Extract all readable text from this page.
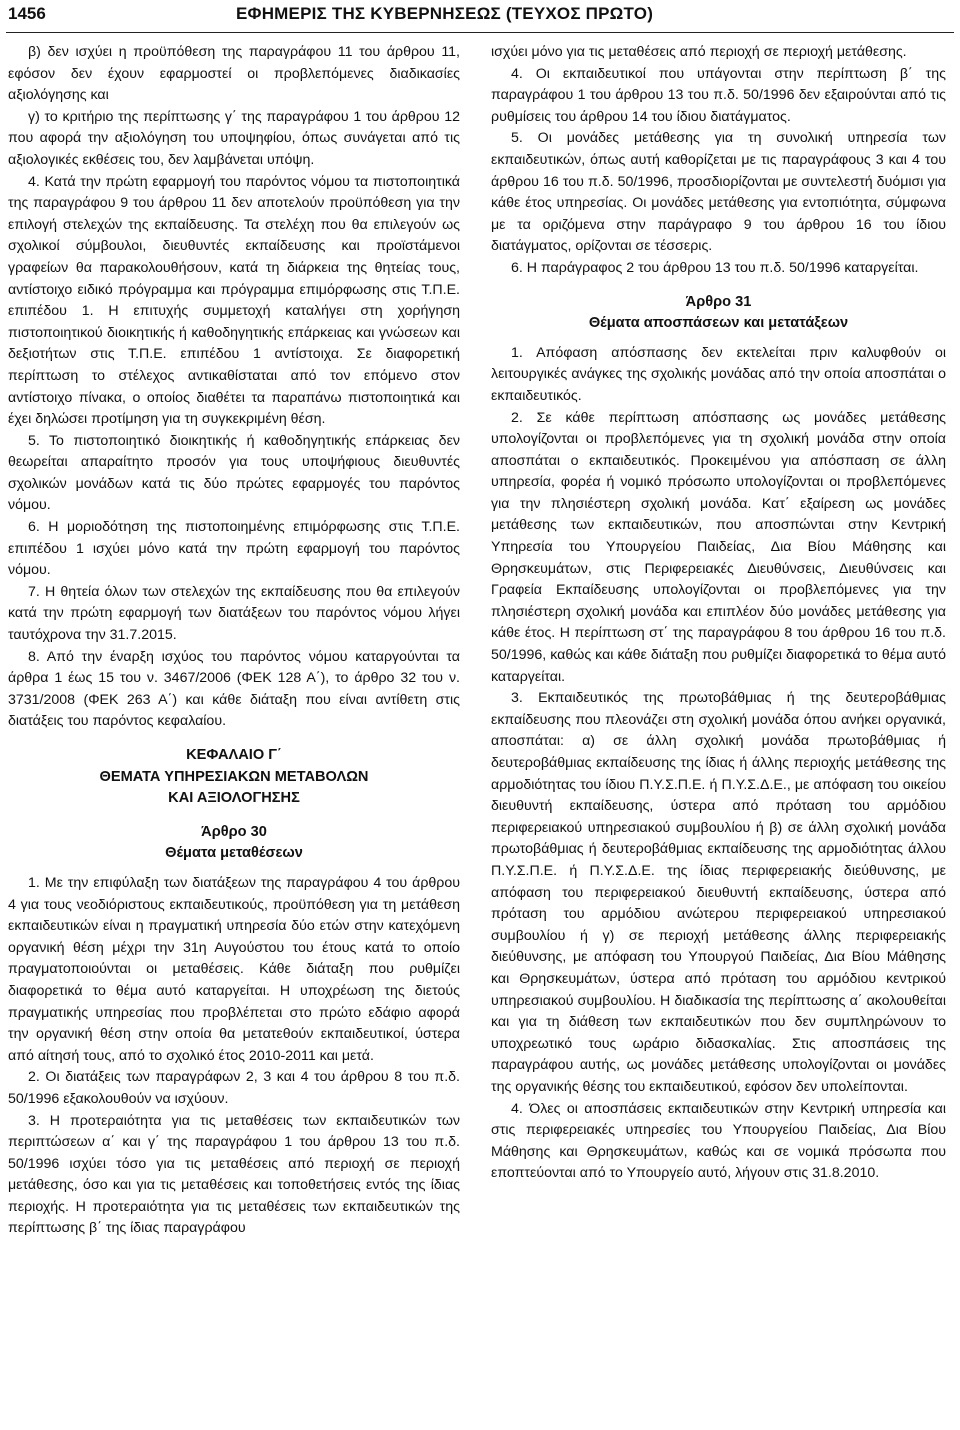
1456	ΕΦΗΜΕΡΙΣ ΤΗΣ ΚΥΒΕΡΝΗΣΕΩΣ (ΤΕΥΧΟΣ ΠΡΩΤΟ)

β) δεν ισχύει η προϋπόθεση της παραγράφου 11 του άρθρου 11, εφόσον δεν έχουν εφαρμοστεί οι προβλεπόμενες διαδικασίες αξιολόγησης και

γ) το κριτήριο της περίπτωσης γ΄ της παραγράφου 1 του άρθρου 12 που αφορά την αξιολόγηση του υποψηφίου, όπως συνάγεται από τις αξιολογικές εκθέσεις του, δεν λαμβάνεται υπόψη.

4. Κατά την πρώτη εφαρμογή του παρόντος νόμου τα πιστοποιητικά της παραγράφου 9 του άρθρου 11 δεν αποτελούν προϋπόθεση για την επιλογή στελεχών της εκπαίδευσης. Τα στελέχη που θα επιλεγούν ως σχολικοί σύμβουλοι, διευθυντές εκπαίδευσης και προϊστάμενοι γραφείων θα παρακολουθήσουν, κατά τη διάρκεια της θητείας τους, αντίστοιχο ειδικό πρόγραμμα και πρόγραμμα επιμόρφωσης στις Τ.Π.Ε. επιπέδου 1. Η επιτυχής συμμετοχή καταλήγει στη χορήγηση πιστοποιητικού διοικητικής ή καθοδηγητικής επάρκειας και γνώσεων και δεξιοτήτων στις Τ.Π.Ε. επιπέδου 1 αντίστοιχα. Σε διαφορετική περίπτωση το στέλεχος αντικαθίσταται από τον επόμενο στον αντίστοιχο πίνακα, ο οποίος διαθέτει τα παραπάνω πιστοποιητικά και έχει δηλώσει προτίμηση για τη συγκεκριμένη θέση.

5. Το πιστοποιητικό διοικητικής ή καθοδηγητικής επάρκειας δεν θεωρείται απαραίτητο προσόν για τους υποψήφιους διευθυντές σχολικών μονάδων κατά τις δύο πρώτες εφαρμογές του παρόντος νόμου.

6. Η μοριοδότηση της πιστοποιημένης επιμόρφωσης στις Τ.Π.Ε. επιπέδου 1 ισχύει μόνο κατά την πρώτη εφαρμογή του παρόντος νόμου.

7. Η θητεία όλων των στελεχών της εκπαίδευσης που θα επιλεγούν κατά την πρώτη εφαρμογή των διατάξεων του παρόντος νόμου λήγει ταυτόχρονα την 31.7.2015.

8. Από την έναρξη ισχύος του παρόντος νόμου καταργούνται τα άρθρα 1 έως 15 του ν. 3467/2006 (ΦΕΚ 128 Α΄), το άρθρο 32 του ν. 3731/2008 (ΦΕΚ 263 Α΄) και κάθε διάταξη που είναι αντίθετη στις διατάξεις του παρόντος κεφαλαίου.

ΚΕΦΑΛΑΙΟ Γ΄

ΘΕΜΑΤΑ ΥΠΗΡΕΣΙΑΚΩΝ ΜΕΤΑΒΟΛΩΝ

ΚΑΙ ΑΞΙΟΛΟΓΗΣΗΣ

Άρθρο 30

Θέματα μεταθέσεων

1. Με την επιφύλαξη των διατάξεων της παραγράφου 4 του άρθρου 4 για τους νεοδιόριστους εκπαιδευτικούς, προϋπόθεση για τη μετάθεση εκπαιδευτικών είναι η πραγματική υπηρεσία δύο ετών στην κατεχόμενη οργανική θέση μέχρι την 31η Αυγούστου του έτους κατά το οποίο πραγματοποιούνται οι μεταθέσεις. Κάθε διάταξη που ρυθμίζει διαφορετικά το θέμα αυτό καταργείται. Η υποχρέωση της διετούς πραγματικής υπηρεσίας που προβλέπεται στο πρώτο εδάφιο αφορά την οργανική θέση στην οποία θα μετατεθούν εκπαιδευτικοί, ύστερα από αίτησή τους, από το σχολικό έτος 2010-2011 και μετά.

2. Οι διατάξεις των παραγράφων 2, 3 και 4 του άρθρου 8 του π.δ. 50/1996 εξακολουθούν να ισχύουν.

3. Η προτεραιότητα για τις μεταθέσεις των εκπαιδευτικών των περιπτώσεων α΄ και γ΄ της παραγράφου 1 του άρθρου 13 του π.δ. 50/1996 ισχύει τόσο για τις μεταθέσεις από περιοχή σε περιοχή μετάθεσης, όσο και για τις μεταθέσεις και τοποθετήσεις εντός της ίδιας περιοχής. Η προτεραιότητα για τις μεταθέσεις των εκπαιδευτικών της περίπτωσης β΄ της ίδιας παραγράφου

ισχύει μόνο για τις μεταθέσεις από περιοχή σε περιοχή μετάθεσης.

4. Οι εκπαιδευτικοί που υπάγονται στην περίπτωση β΄ της παραγράφου 1 του άρθρου 13 του π.δ. 50/1996 δεν εξαιρούνται από τις ρυθμίσεις του άρθρου 14 του ίδιου διατάγματος.

5. Οι μονάδες μετάθεσης για τη συνολική υπηρεσία των εκπαιδευτικών, όπως αυτή καθορίζεται με τις παραγράφους 3 και 4 του άρθρου 16 του π.δ. 50/1996, προσδιορίζονται με συντελεστή δυόμισι για κάθε έτος υπηρεσίας. Οι μονάδες μετάθεσης για εντοπιότητα, σύμφωνα με τα οριζόμενα στην παράγραφο 9 του άρθρου 16 του ίδιου διατάγματος, ορίζονται σε τέσσερις.

6. Η παράγραφος 2 του άρθρου 13 του π.δ. 50/1996 καταργείται.

Άρθρο 31

Θέματα αποσπάσεων και μετατάξεων

1. Απόφαση απόσπασης δεν εκτελείται πριν καλυφθούν οι λειτουργικές ανάγκες της σχολικής μονάδας από την οποία αποσπάται ο εκπαιδευτικός.

2. Σε κάθε περίπτωση απόσπασης ως μονάδες μετάθεσης υπολογίζονται οι προβλεπόμενες για τη σχολική μονάδα στην οποία αποσπάται ο εκπαιδευτικός. Προκειμένου για απόσπαση σε άλλη υπηρεσία, φορέα ή νομικό πρόσωπο υπολογίζονται οι προβλεπόμενες για την πλησιέστερη σχολική μονάδα. Κατ΄ εξαίρεση ως μονάδες μετάθεσης των εκπαιδευτικών, που αποσπώνται στην Κεντρική Υπηρεσία του Υπουργείου Παιδείας, Δια Βίου Μάθησης και Θρησκευμάτων, στις Περιφερειακές Διευθύνσεις, Διευθύνσεις και Γραφεία Εκπαίδευσης υπολογίζονται οι προβλεπόμενες για την πλησιέστερη σχολική μονάδα και επιπλέον δύο μονάδες μετάθεσης για κάθε έτος. Η περίπτωση στ΄ της παραγράφου 8 του άρθρου 16 του π.δ. 50/1996, καθώς και κάθε διάταξη που ρυθμίζει διαφορετικά το θέμα αυτό καταργείται.

3. Εκπαιδευτικός της πρωτοβάθμιας ή της δευτεροβάθμιας εκπαίδευσης που πλεονάζει στη σχολική μονάδα όπου ανήκει οργανικά, αποσπάται: α) σε άλλη σχολική μονάδα πρωτοβάθμιας ή δευτεροβάθμιας εκπαίδευσης της ίδιας ή άλλης περιοχής μετάθεσης της αρμοδιότητας του ίδιου Π.Υ.Σ.Π.Ε. ή Π.Υ.Σ.Δ.Ε., με απόφαση του οικείου διευθυντή εκπαίδευσης, ύστερα από πρόταση του αρμόδιου περιφερειακού υπηρεσιακού συμβουλίου ή β) σε άλλη σχολική μονάδα πρωτοβάθμιας ή δευτεροβάθμιας εκπαίδευσης της αρμοδιότητας άλλου Π.Υ.Σ.Π.Ε. ή Π.Υ.Σ.Δ.Ε. της ίδιας περιφερειακής διεύθυνσης, με απόφαση του περιφερειακού διευθυντή εκπαίδευσης, ύστερα από πρόταση του αρμόδιου ανώτερου περιφερειακού υπηρεσιακού συμβουλίου ή γ) σε περιοχή μετάθεσης άλλης περιφερειακής διεύθυνσης, με απόφαση του Υπουργού Παιδείας, Δια Βίου Μάθησης και Θρησκευμάτων, ύστερα από πρόταση του αρμόδιου κεντρικού υπηρεσιακού συμβουλίου. Η διαδικασία της περίπτωσης α΄ ακολουθείται και για τη διάθεση των εκπαιδευτικών που δεν συμπληρώνουν το υποχρεωτικό τους ωράριο διδασκαλίας. Στις αποσπάσεις της παραγράφου αυτής, ως μονάδες μετάθεσης υπολογίζονται οι μονάδες της οργανικής θέσης του εκπαιδευτικού, εφόσον δεν υπολείπονται.

4. Όλες οι αποσπάσεις εκπαιδευτικών στην Κεντρική υπηρεσία και στις περιφερειακές υπηρεσίες του Υπουργείου Παιδείας, Δια Βίου Μάθησης και Θρησκευμάτων, καθώς και σε νομικά πρόσωπα που εποπτεύονται από το Υπουργείο αυτό, λήγουν στις 31.8.2010.
